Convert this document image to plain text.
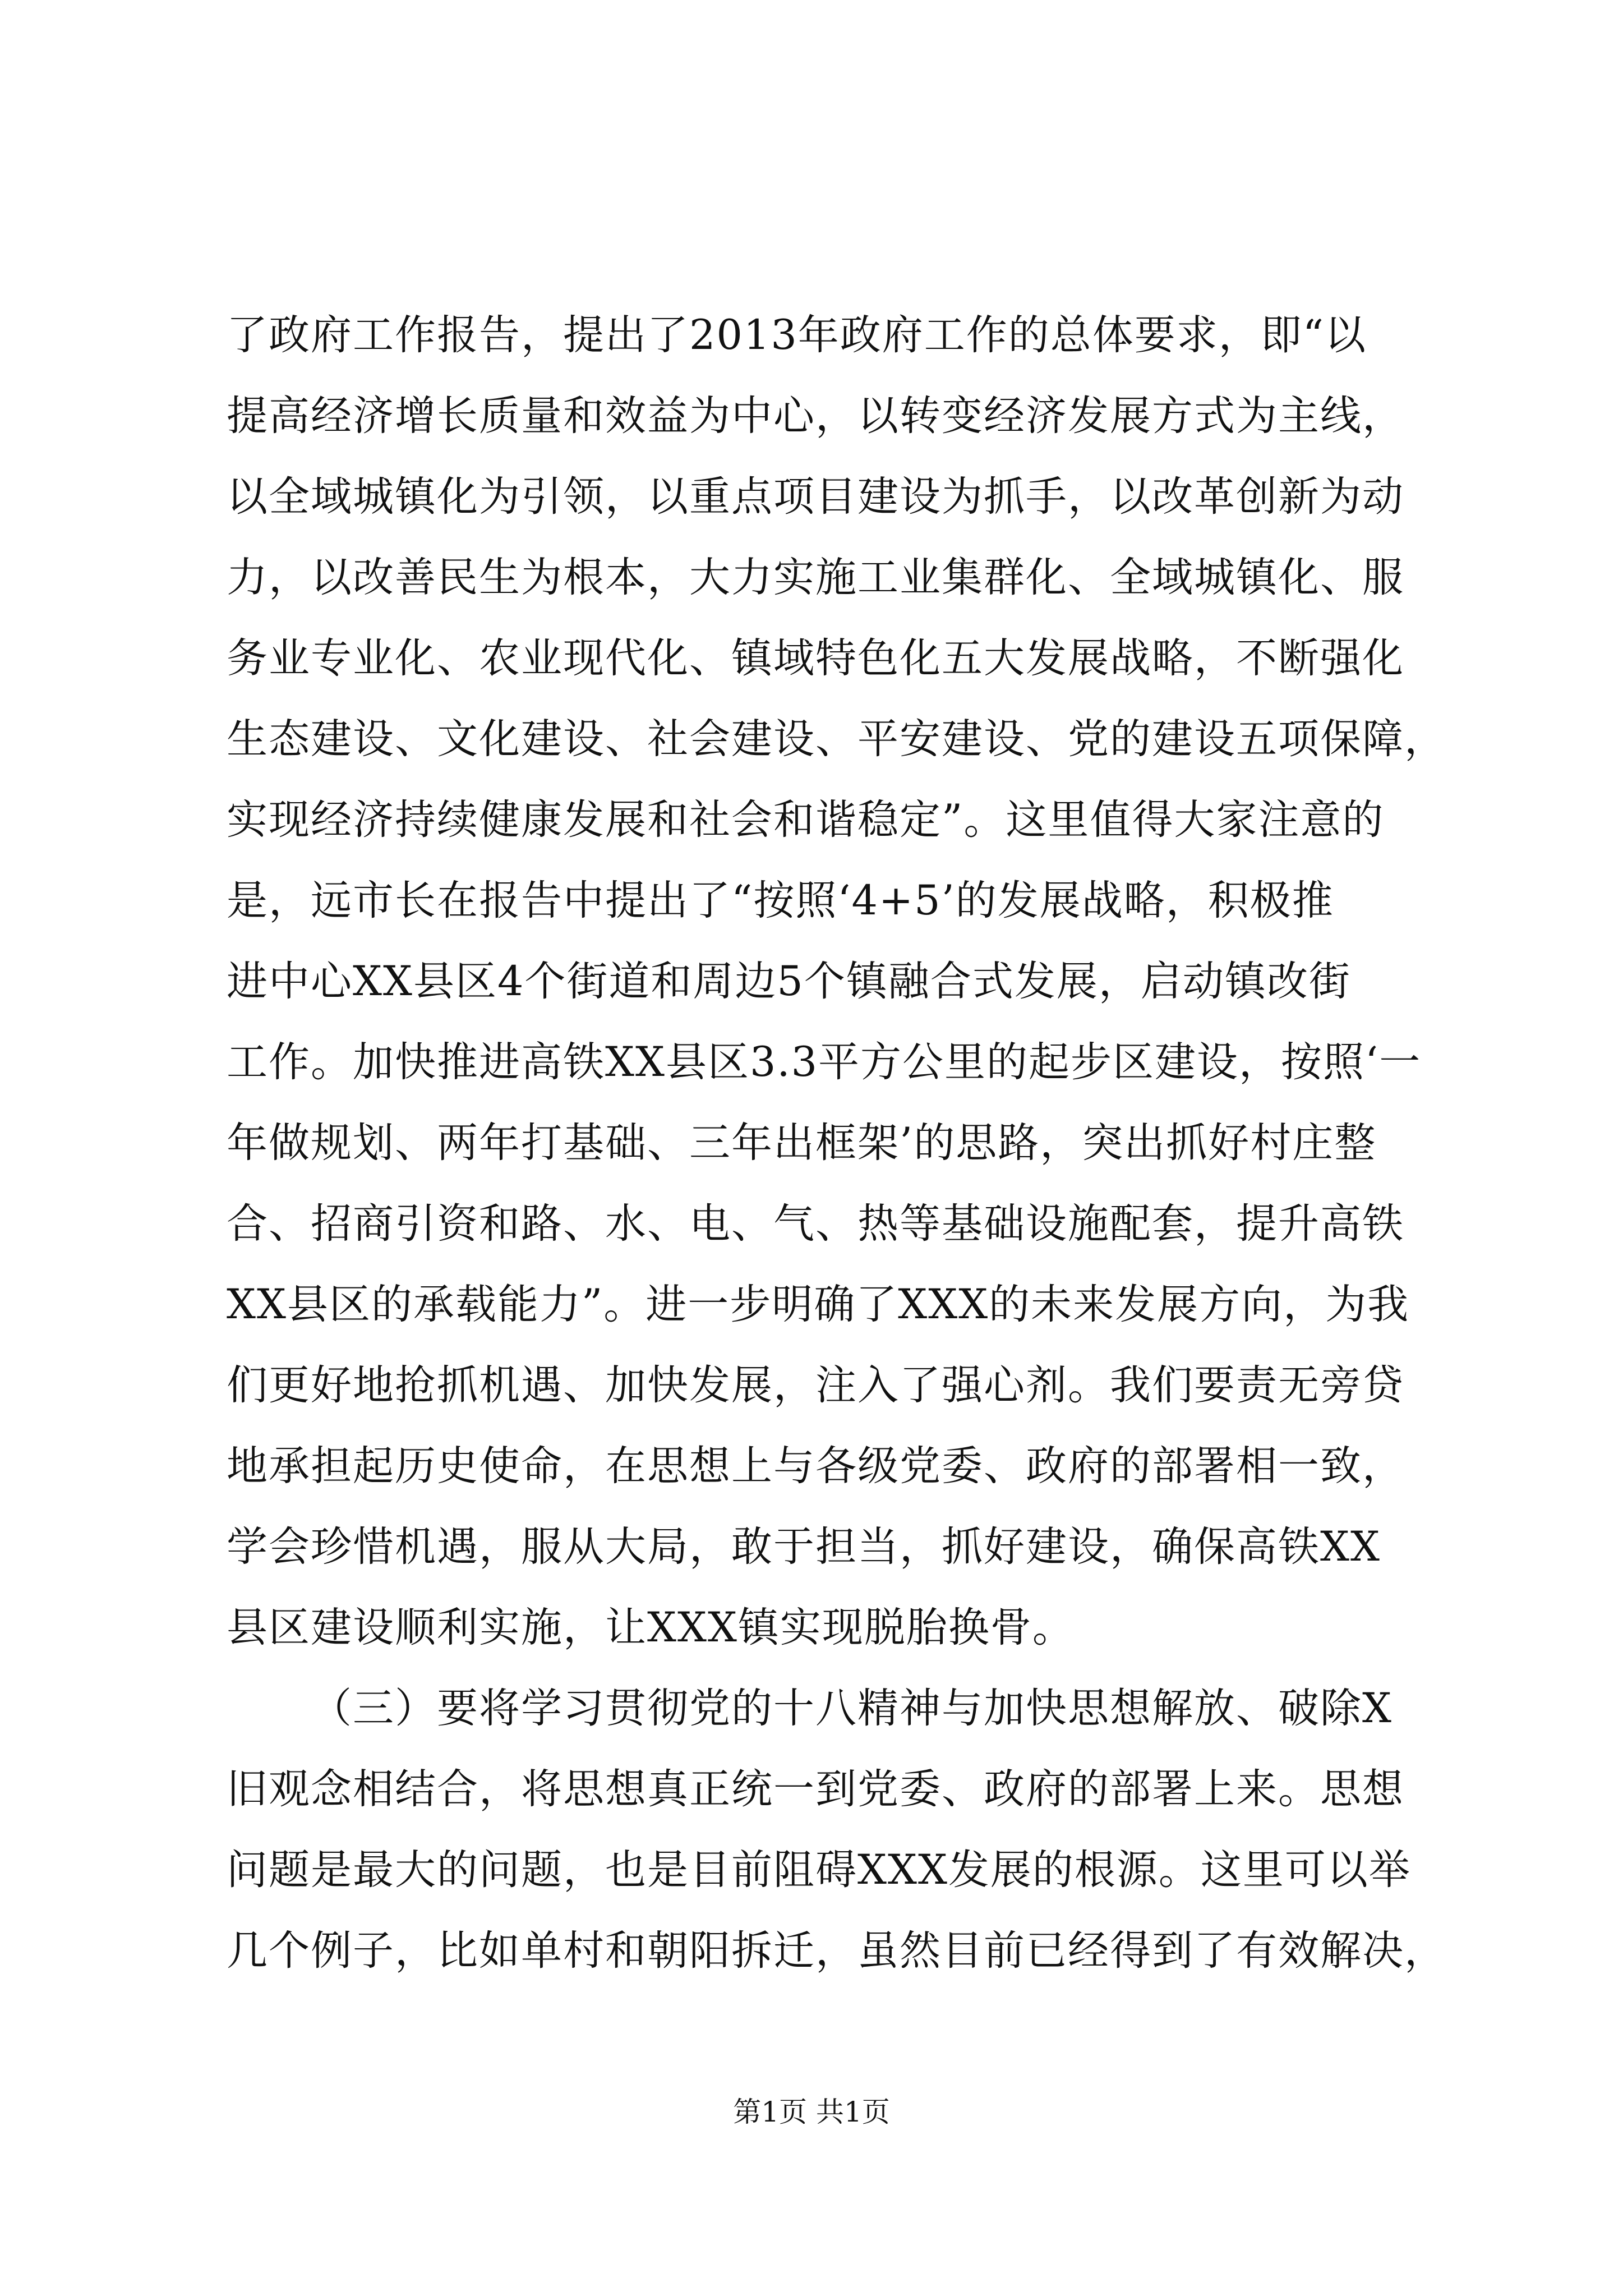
了政府工作报告，提出了2013年政府工作的总体要求，即“以
提高经济增长质量和效益为中心，以转变经济发展方式为主线，
以全域城镇化为引领，以重点项目建设为抓手，以改革创新为动
力，以改善民生为根本，大力实施工业集群化、全域城镇化、服
务业专业化、农业现代化、镇域特色化五大发展战略，不断强化
生态建设、文化建设、社会建设、平安建设、党的建设五项保障，
实现经济持续健康发展和社会和谐稳定”。这里值得大家注意的
是，远市长在报告中提出了“按照‘4+5’的发展战略，积极推
进中心XX县区4个街道和周边5个镇融合式发展，启动镇改街
工作。加快推进高铁XX县区3.3平方公里的起步区建设，按照‘一
年做规划、两年打基础、三年出框架’的思路，突出抓好村庄整
合、招商引资和路、水、电、气、热等基础设施配套，提升高铁
XX县区的承载能力”。进一步明确了XXX的未来发展方向，为我
们更好地抢抓机遇、加快发展，注入了强心剂。我们要责无旁贷
地承担起历史使命，在思想上与各级党委、政府的部署相一致，
学会珍惜机遇，服从大局，敢于担当，抓好建设，确保高铁XX
县区建设顺利实施，让XXX镇实现脱胎换骨。
（三）要将学习贯彻党的十八精神与加快思想解放、破除X
旧观念相结合，将思想真正统一到党委、政府的部署上来。思想
问题是最大的问题，也是目前阻碍XXX发展的根源。这里可以举
几个例子，比如单村和朝阳拆迁，虽然目前已经得到了有效解决，
第1页 共1页
